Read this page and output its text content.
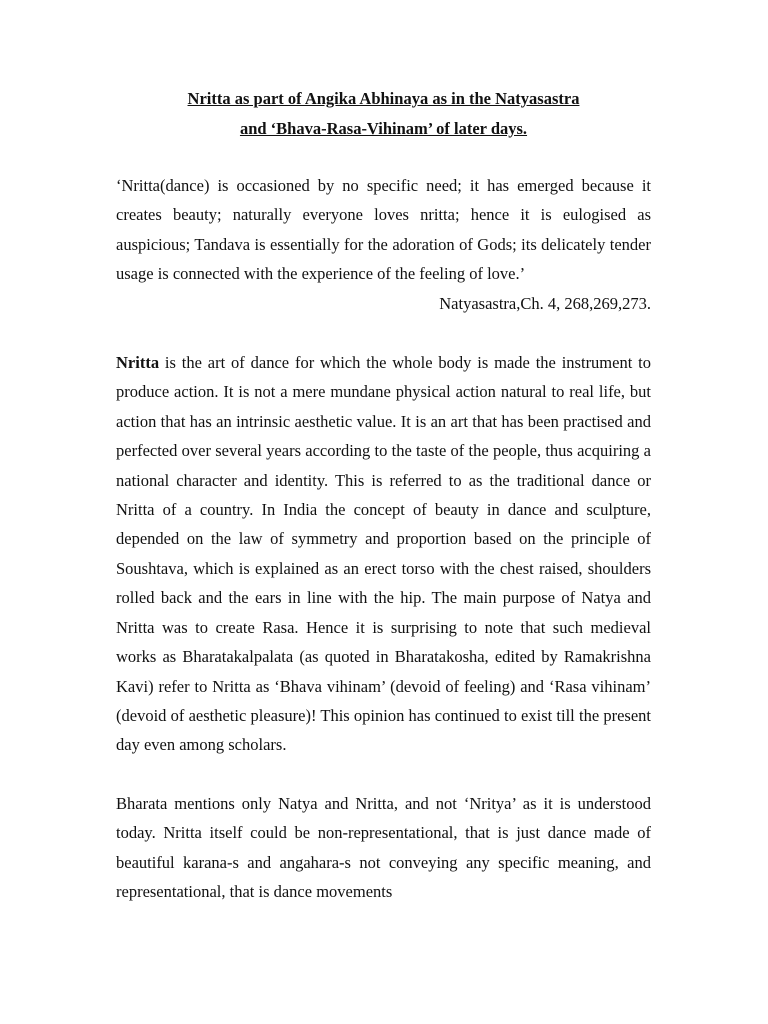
Nritta as part of Angika Abhinaya as in the Natyasastra

and ‘Bhava-Rasa-Vihinam’ of later days.

‘Nritta(dance) is occasioned by no specific need; it has emerged because it creates beauty; naturally everyone loves nritta; hence it is eulogised as auspicious; Tandava is essentially for the adoration of Gods; its delicately tender usage is connected with the experience of the feeling of love.’

Natyasastra,Ch. 4, 268,269,273.

Nritta is the art of dance for which the whole body is made the instrument to produce action. It is not a mere mundane physical action natural to real life, but action that has an intrinsic aesthetic value. It is an art that has been practised and perfected over several years according to the taste of the people, thus acquiring a national character and identity. This is referred to as the traditional dance or Nritta of a country. In India the concept of beauty in dance and sculpture, depended on the law of symmetry and proportion based on the principle of Soushtava, which is explained as an erect torso with the chest raised, shoulders rolled back and the ears in line with the hip. The main purpose of Natya and Nritta was to create Rasa. Hence it is surprising to note that such medieval works as Bharatakalpalata (as quoted in Bharatakosha, edited by Ramakrishna Kavi) refer to Nritta as ‘Bhava vihinam’ (devoid of feeling) and ‘Rasa vihinam’ (devoid of aesthetic pleasure)! This opinion has continued to exist till the present day even among scholars.

Bharata mentions only Natya and Nritta, and not ‘Nritya’ as it is understood today. Nritta itself could be non-representational, that is just dance made of beautiful karana-s and angahara-s not conveying any specific meaning, and representational, that is dance movements
